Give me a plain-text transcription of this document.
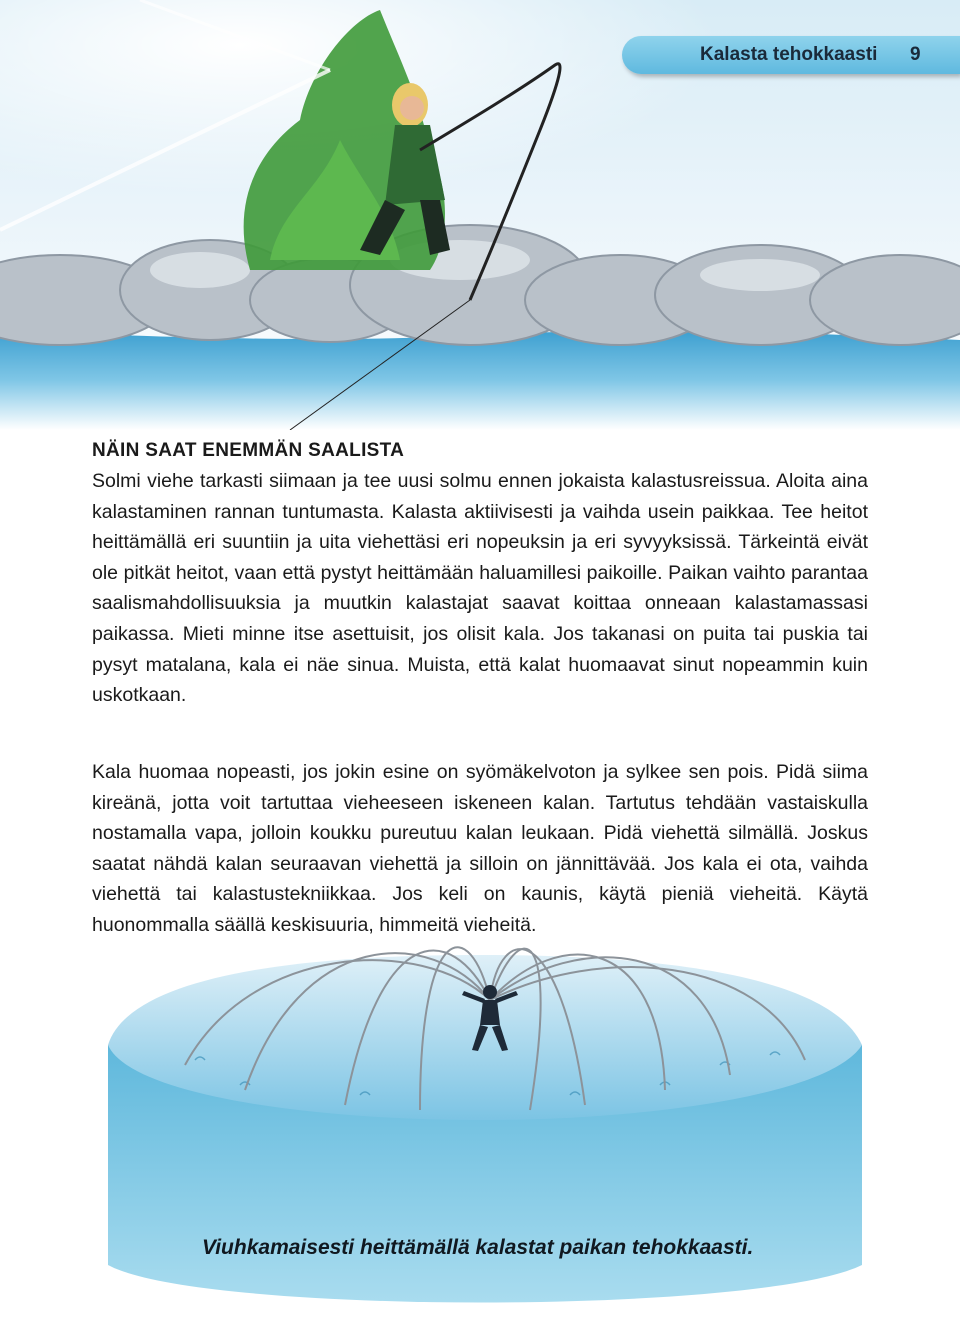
Kalasta tehokkaasti 9
NÄIN SAAT ENEMMÄN SAALISTA
Solmi viehe tarkasti siimaan ja tee uusi solmu ennen jokaista kalastusreissua. Aloita aina kalastaminen rannan tuntumasta. Kalasta aktiivisesti ja vaihda usein paikkaa. Tee heitot heittämällä eri suuntiin ja uita viehettäsi eri nopeuksin ja eri syvyyksissä. Tärkeintä eivät ole pitkät heitot, vaan että pystyt heittämään haluamillesi paikoille. Paikan vaihto parantaa saalismahdollisuuksia ja muutkin kalastajat saavat koittaa onneaan kalastamassasi paikassa. Mieti minne itse asettuisit, jos olisit kala. Jos takanasi on puita tai puskia tai pysyt matalana, kala ei näe sinua. Muista, että kalat huomaavat sinut nopeammin kuin uskotkaan.
Kala huomaa nopeasti, jos jokin esine on syömäkelvoton ja sylkee sen pois. Pidä siima kireänä, jotta voit tartuttaa vieheeseen iskeneen kalan. Tartutus tehdään vastaiskulla nostamalla vapa, jolloin koukku pureutuu kalan leukaan. Pidä viehettä silmällä. Joskus saatat nähdä kalan seuraavan viehettä ja silloin on jännittävää. Jos kala ei ota, vaihda viehettä tai kalastustekniikkaa. Jos keli on kaunis, käytä pieniä vieheitä. Käytä huonommalla säällä keskisuuria, himmeitä vieheitä.
Viuhkamaisesti heittämällä kalastat paikan tehokkaasti.
